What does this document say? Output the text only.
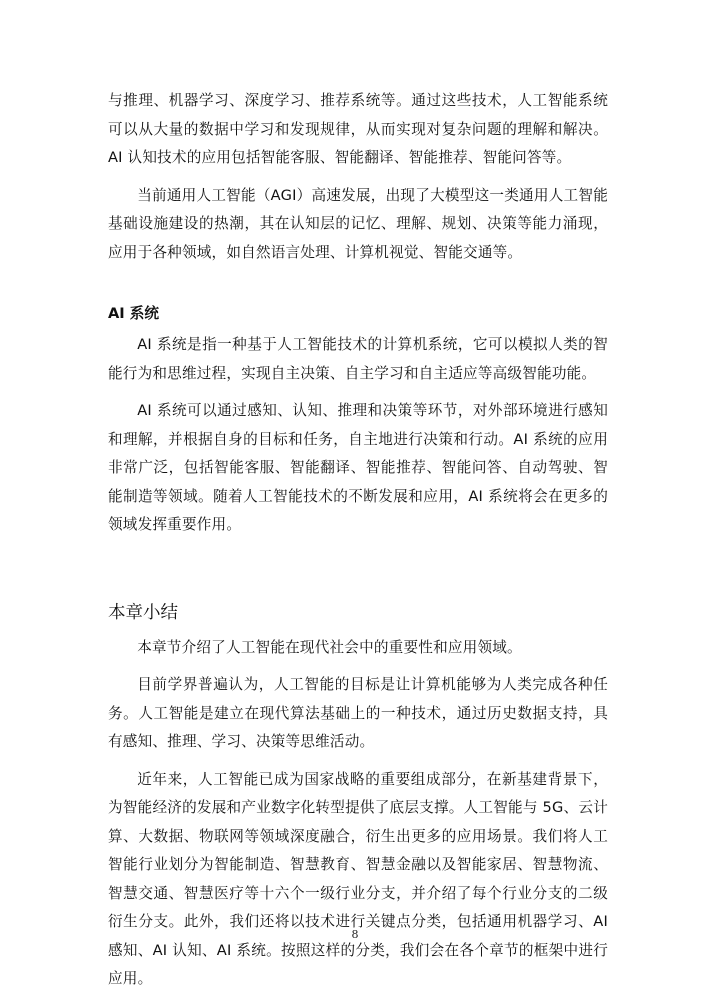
与推理、机器学习、深度学习、推荐系统等。通过这些技术，人工智能系统可以从大量的数据中学习和发现规律，从而实现对复杂问题的理解和解决。AI 认知技术的应用包括智能客服、智能翻译、智能推荐、智能问答等。

当前通用人工智能（AGI）高速发展，出现了大模型这一类通用人工智能基础设施建设的热潮，其在认知层的记忆、理解、规划、决策等能力涌现，应用于各种领域，如自然语言处理、计算机视觉、智能交通等。

AI 系统

AI 系统是指一种基于人工智能技术的计算机系统，它可以模拟人类的智能行为和思维过程，实现自主决策、自主学习和自主适应等高级智能功能。

AI 系统可以通过感知、认知、推理和决策等环节，对外部环境进行感知和理解，并根据自身的目标和任务，自主地进行决策和行动。AI 系统的应用非常广泛，包括智能客服、智能翻译、智能推荐、智能问答、自动驾驶、智能制造等领域。随着人工智能技术的不断发展和应用，AI 系统将会在更多的领域发挥重要作用。

本章小结

本章节介绍了人工智能在现代社会中的重要性和应用领域。

目前学界普遍认为，人工智能的目标是让计算机能够为人类完成各种任务。人工智能是建立在现代算法基础上的一种技术，通过历史数据支持，具有感知、推理、学习、决策等思维活动。

近年来，人工智能已成为国家战略的重要组成部分，在新基建背景下，为智能经济的发展和产业数字化转型提供了底层支撑。人工智能与 5G、云计算、大数据、物联网等领域深度融合，衍生出更多的应用场景。我们将人工智能行业划分为智能制造、智慧教育、智慧金融以及智能家居、智慧物流、智慧交通、智慧医疗等十六个一级行业分支，并介绍了每个行业分支的二级衍生分支。此外，我们还将以技术进行关键点分类，包括通用机器学习、AI 感知、AI 认知、AI 系统。按照这样的分类，我们会在各个章节的框架中进行应用。

8
